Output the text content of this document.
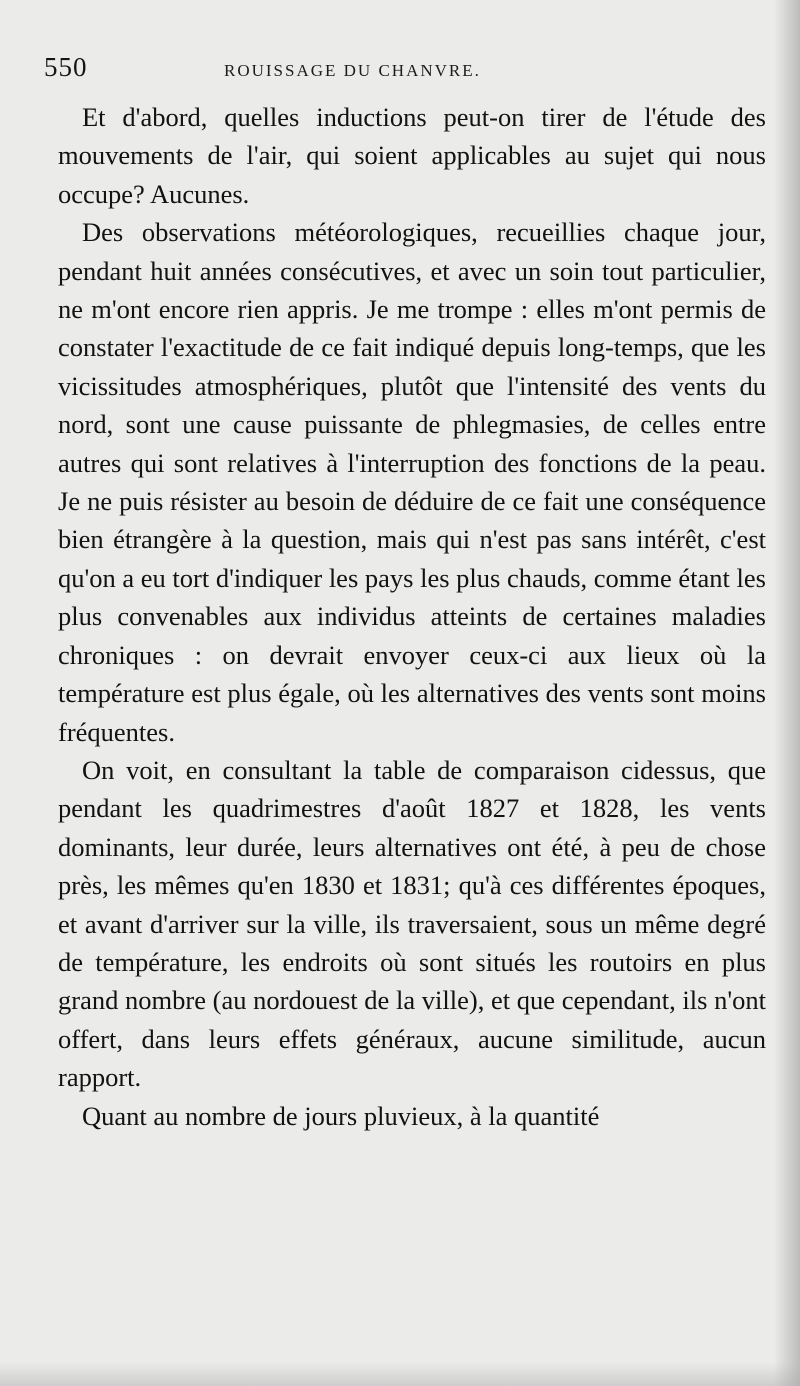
550	ROUISSAGE DU CHANVRE.

Et d'abord, quelles inductions peut-on tirer de l'étude des mouvements de l'air, qui soient applicables au sujet qui nous occupe? Aucunes.

Des observations météorologiques, recueillies chaque jour, pendant huit années consécutives, et avec un soin tout particulier, ne m'ont encore rien appris. Je me trompe : elles m'ont permis de constater l'exactitude de ce fait indiqué depuis long-temps, que les vicissitudes atmosphériques, plutôt que l'intensité des vents du nord, sont une cause puissante de phlegmasies, de celles entre autres qui sont relatives à l'interruption des fonctions de la peau. Je ne puis résister au besoin de déduire de ce fait une conséquence bien étrangère à la question, mais qui n'est pas sans intérêt, c'est qu'on a eu tort d'indiquer les pays les plus chauds, comme étant les plus convenables aux individus atteints de certaines maladies chroniques : on devrait envoyer ceux-ci aux lieux où la température est plus égale, où les alternatives des vents sont moins fréquentes.

On voit, en consultant la table de comparaison cidessus, que pendant les quadrimestres d'août 1827 et 1828, les vents dominants, leur durée, leurs alternatives ont été, à peu de chose près, les mêmes qu'en 1830 et 1831; qu'à ces différentes époques, et avant d'arriver sur la ville, ils traversaient, sous un même degré de température, les endroits où sont situés les routoirs en plus grand nombre (au nordouest de la ville), et que cependant, ils n'ont offert, dans leurs effets généraux, aucune similitude, aucun rapport.

Quant au nombre de jours pluvieux, à la quantité
